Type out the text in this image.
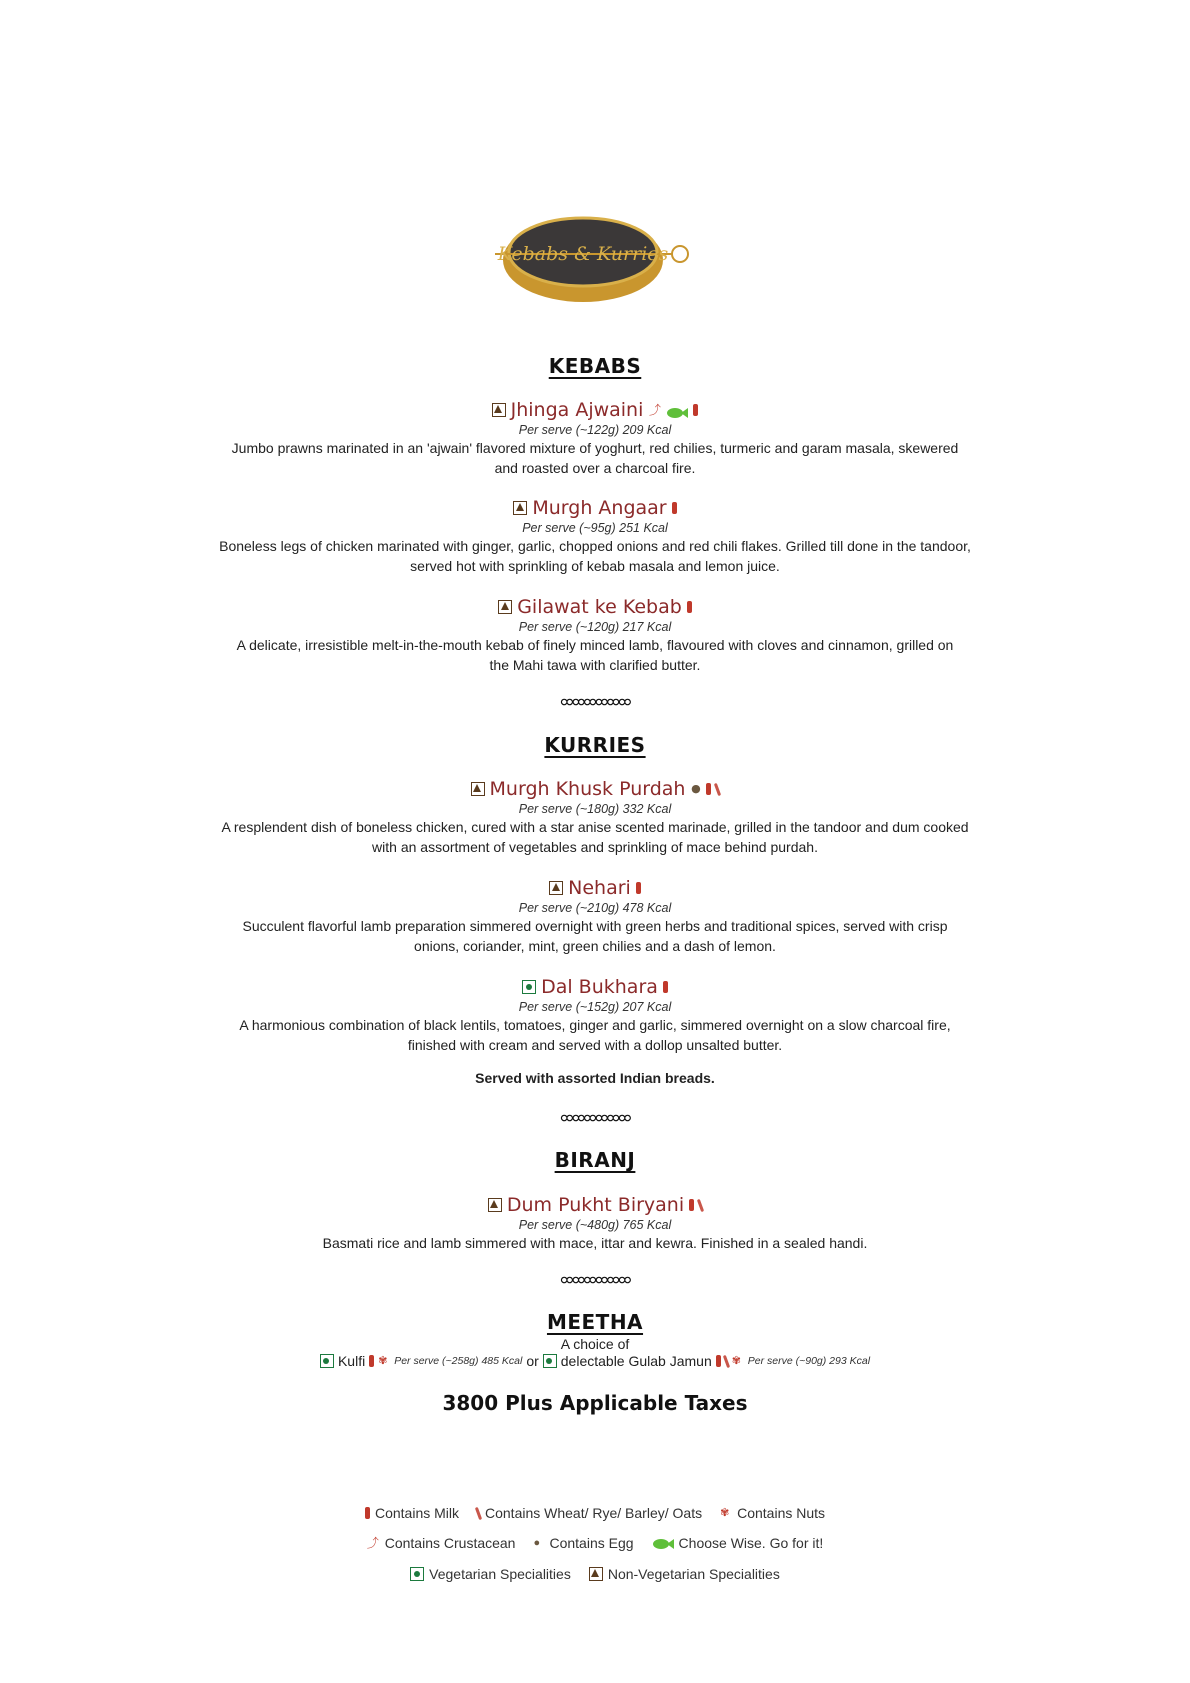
Kebabs & Kurries
KEBABS
Jhinga Ajwaini ⤴
Per serve (~122g) 209 Kcal
Jumbo prawns marinated in an 'ajwain' flavored mixture of yoghurt, red chilies, turmeric and garam masala, skewered and roasted over a charcoal fire.
Murgh Angaar
Per serve (~95g) 251 Kcal
Boneless legs of chicken marinated with ginger, garlic, chopped onions and red chili flakes. Grilled till done in the tandoor, served hot with sprinkling of kebab masala and lemon juice.
Gilawat ke Kebab
Per serve (~120g) 217 Kcal
A delicate, irresistible melt-in-the-mouth kebab of finely minced lamb, flavoured with cloves and cinnamon, grilled on the Mahi tawa with clarified butter.
ထထထထထထ
KURRIES
Murgh Khusk Purdah ●
Per serve (~180g) 332 Kcal
A resplendent dish of boneless chicken, cured with a star anise scented marinade, grilled in the tandoor and dum cooked with an assortment of vegetables and sprinkling of mace behind purdah.
Nehari
Per serve (~210g) 478 Kcal
Succulent flavorful lamb preparation simmered overnight with green herbs and traditional spices, served with crisp onions, coriander, mint, green chilies and a dash of lemon.
Dal Bukhara
Per serve (~152g) 207 Kcal
A harmonious combination of black lentils, tomatoes, ginger and garlic, simmered overnight on a slow charcoal fire, finished with cream and served with a dollop unsalted butter.
Served with assorted Indian breads.
ထထထထထထ
BIRANJ
Dum Pukht Biryani
Per serve (~480g) 765 Kcal
Basmati rice and lamb simmered with mace, ittar and kewra. Finished in a sealed handi.
ထထထထထထ
MEETHA
A choice of
Kulfi ✾ Per serve (~258g) 485 Kcal or delectable Gulab Jamun ✾ Per serve (~90g) 293 Kcal
3800 Plus Applicable Taxes
Contains Milk Contains Wheat/ Rye/ Barley/ Oats ✾ Contains Nuts
⤴ Contains Crustacean ● Contains Egg	Choose Wise. Go for it!
Vegetarian Specialities	Non-Vegetarian Specialities
